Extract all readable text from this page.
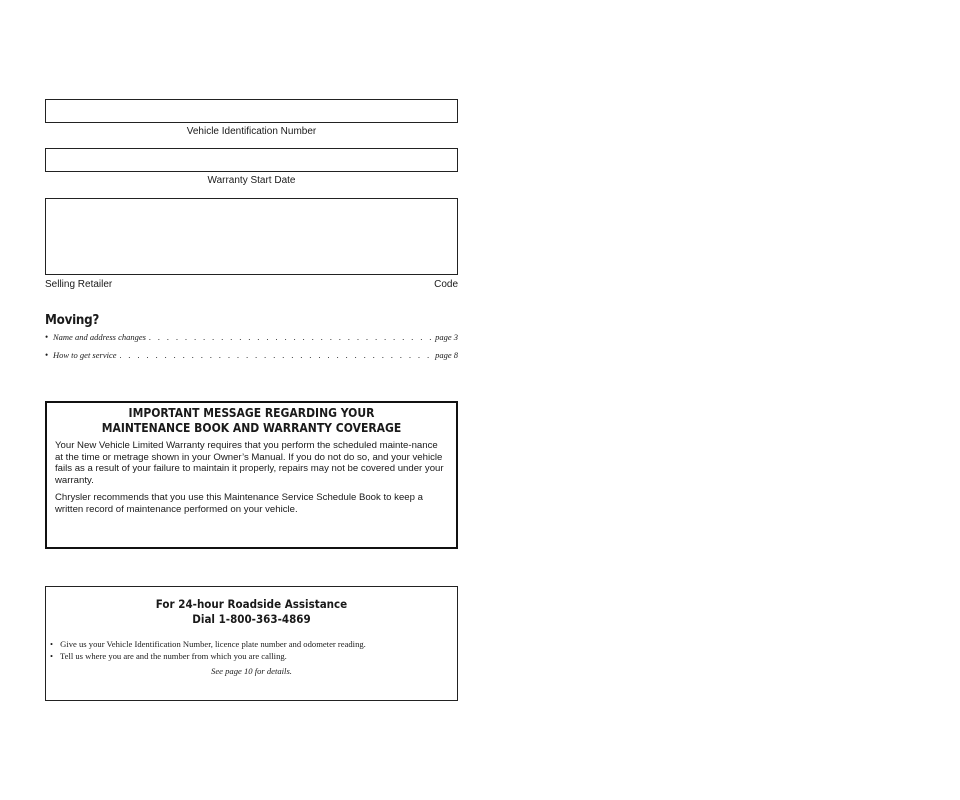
Vehicle Identification Number
Warranty Start Date
Selling Retailer	Code
Moving?
• Name and address changes . . .	page 3
• How to get service . . .	page 8
IMPORTANT MESSAGE REGARDING YOUR
MAINTENANCE BOOK AND WARRANTY COVERAGE

Your New Vehicle Limited Warranty requires that you perform the scheduled mainte-nance at the time or metrage shown in your Owner’s Manual. If you do not do so, and your vehicle fails as a result of your failure to maintain it properly, repairs may not be covered under your warranty.

Chrysler recommends that you use this Maintenance Service Schedule Book to keep a written record of maintenance performed on your vehicle.

For 24-hour Roadside Assistance
Dial 1-800-363-4869
• Give us your Vehicle Identification Number, licence plate number and odometer reading.
• Tell us where you are and the number from which you are calling.
See page 10 for details.
